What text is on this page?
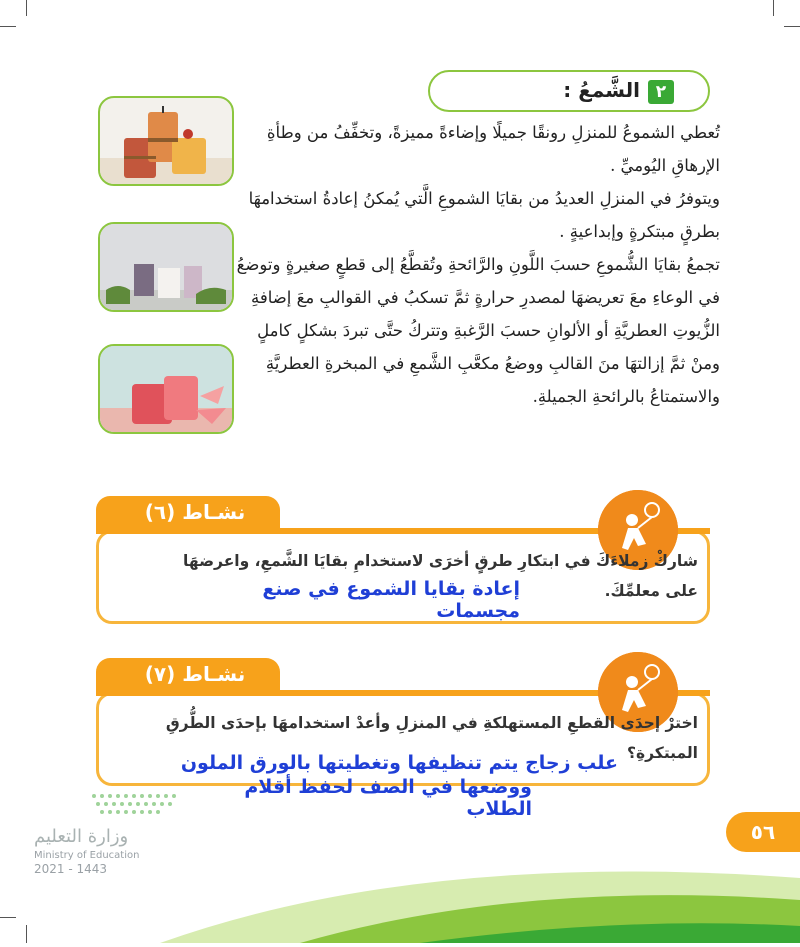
٢
الشَّمعُ :
تُعطي الشموعُ للمنزلِ رونقًا جميلًا وإضاءةً مميزةً، وتخفِّفُ من وطأةِ
الإرهاقِ اليُوميِّ .
ويتوفرُ في المنزلِ العديدُ من بقايَا الشموعِ الَّتي يُمكنُ إعادةُ استخدامهَا
بطرقٍ مبتكرةٍ وإبداعيةٍ .
تجمعُ بقايَا الشُّموعِ حسبَ اللَّونِ والرَّائحةِ وتُقطَّعُ إلى قطعٍ صغيرةٍ وتوضعُ
في الوعاءِ معَ تعريضهَا لمصدرِ حرارةٍ ثمَّ تسكبُ في القوالبِ معَ إضافةِ
الزُّيوتِ العطريَّةِ أو الألوانِ حسبَ الرَّغبةِ وتتركُ حتَّى تبردَ بشكلٍ كاملٍ
ومنْ ثمَّ إزالتهَا منَ القالبِ ووضعُ مكعَّبِ الشَّمعِ في المبخرةِ العطريَّةِ
والاستمتاعُ بالرائحةِ الجميلةِ.
نشـاط (٦)
شاركْ زملاءَكَ في ابتكارِ طرقٍ أخرَى لاستخدامِ بقايَا الشَّمعِ، واعرضهَا
على معلمِّكَ.
إعادة بقايا الشموع في صنع مجسمات
نشـاط (٧)
اخترْ إحدَى القطعِ المستهلكةِ في المنزلِ وأعدْ استخدامهَا بإحدَى الطُّرقِ
المبتكرةِ؟
علب زجاج يتم تنظيفها وتغطيتها بالورق الملون
ووضعها في الصف لحفظ أقلام الطلاب
وزارة التعليم
Ministry of Education
2021 - 1443
٥٦
